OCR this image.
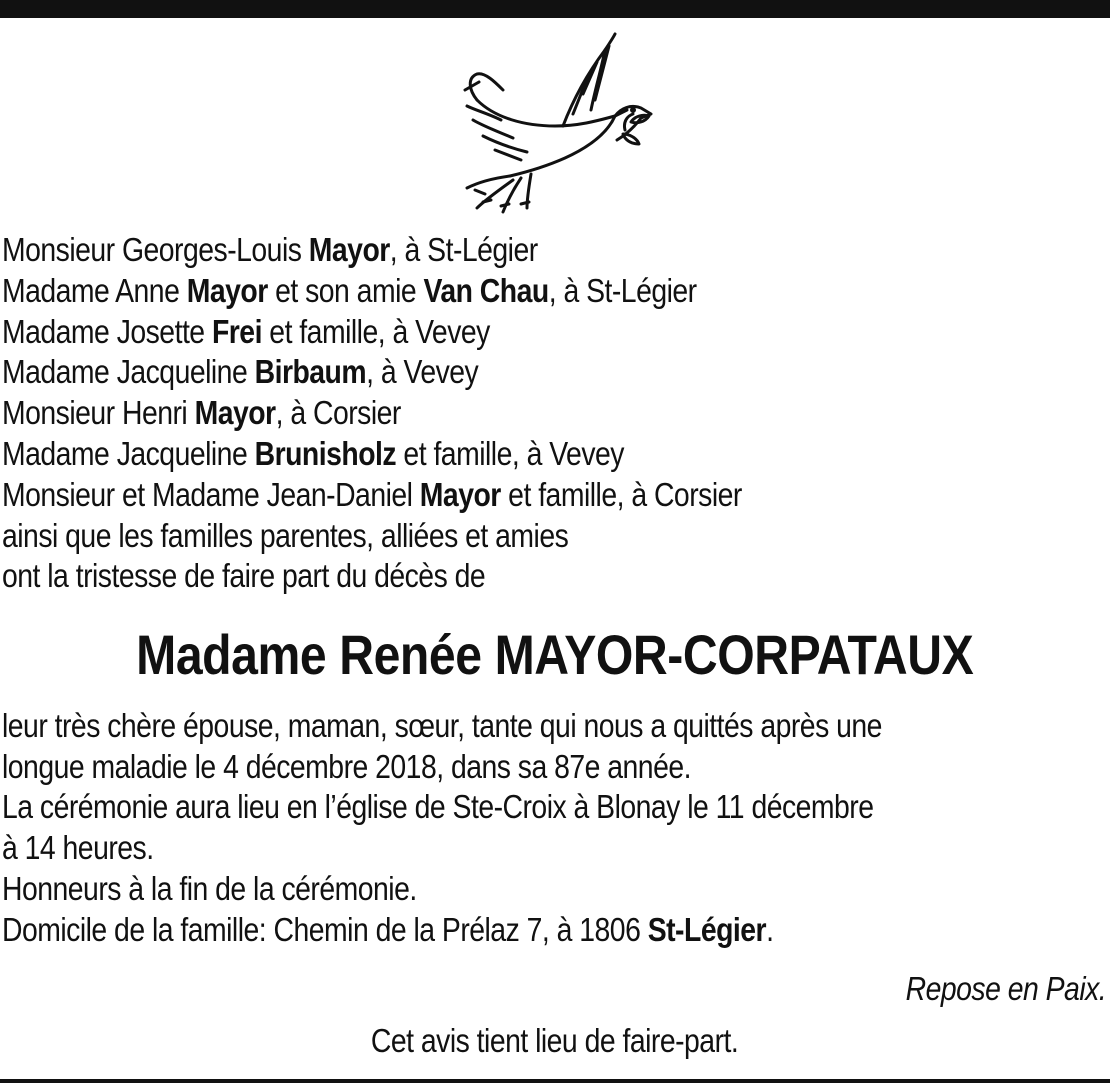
Monsieur Georges-Louis Mayor, à St-Légier
Madame Anne Mayor et son amie Van Chau, à St-Légier
Madame Josette Frei et famille, à Vevey
Madame Jacqueline Birbaum, à Vevey
Monsieur Henri Mayor, à Corsier
Madame Jacqueline Brunisholz et famille, à Vevey
Monsieur et Madame Jean-Daniel Mayor et famille, à Corsier
ainsi que les familles parentes, alliées et amies
ont la tristesse de faire part du décès de
Madame Renée MAYOR-CORPATAUX
leur très chère épouse, maman, sœur, tante qui nous a quittés après une
longue maladie le 4 décembre 2018, dans sa 87e année.
La cérémonie aura lieu en l’église de Ste-Croix à Blonay le 11 décembre
à 14 heures.
Honneurs à la fin de la cérémonie.
Domicile de la famille: Chemin de la Prélaz 7, à 1806 St-Légier.
Repose en Paix.
Cet avis tient lieu de faire-part.
